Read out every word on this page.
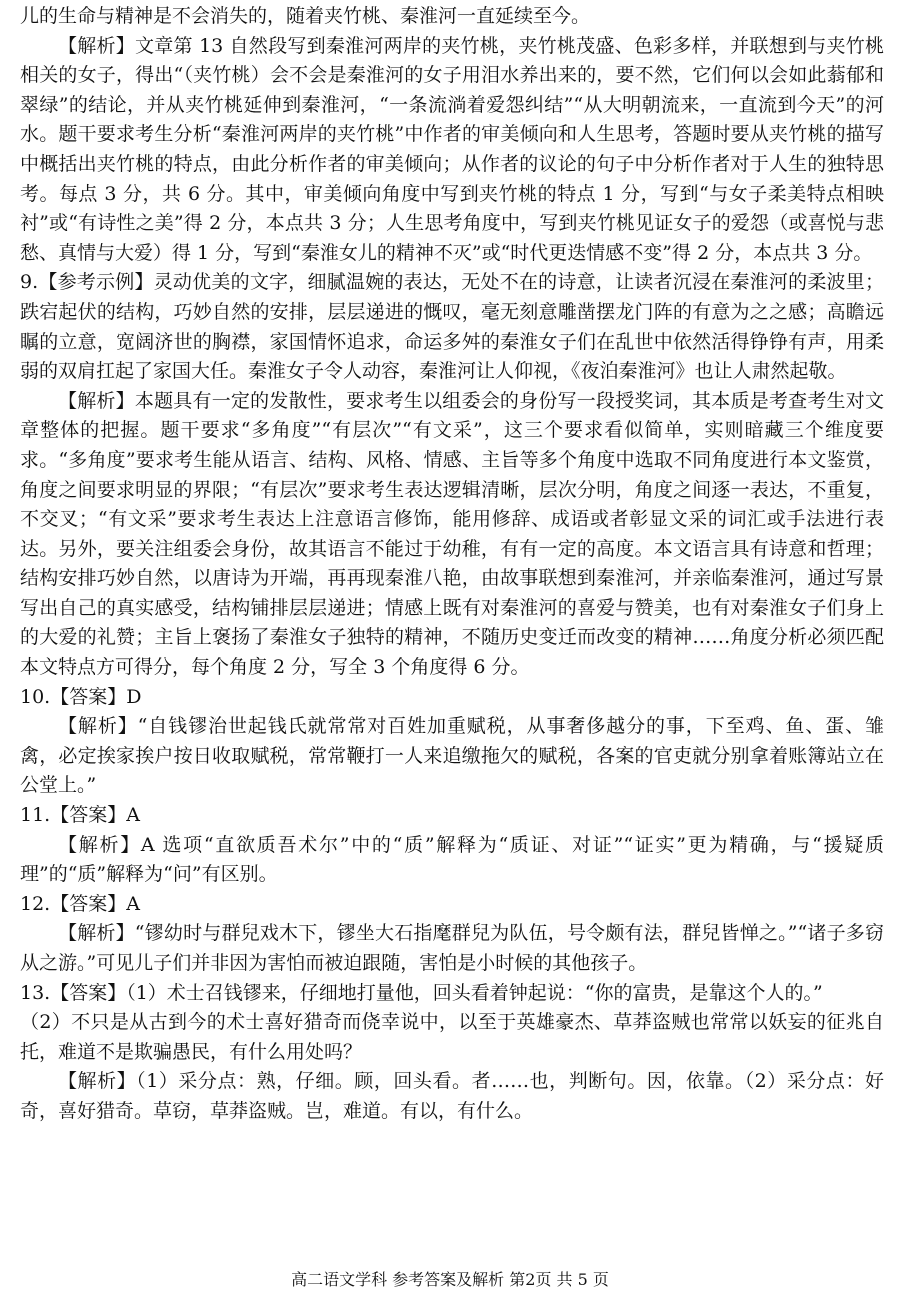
儿的生命与精神是不会消失的，随着夹竹桃、秦淮河一直延续至今。

【解析】文章第 13 自然段写到秦淮河两岸的夹竹桃，夹竹桃茂盛、色彩多样，并联想到与夹竹桃相关的女子，得出“（夹竹桃）会不会是秦淮河的女子用泪水养出来的，要不然，它们何以会如此蓊郁和翠绿”的结论，并从夹竹桃延伸到秦淮河，“一条流淌着爱怨纠结”“从大明朝流来，一直流到今天”的河水。题干要求考生分析“秦淮河两岸的夹竹桃”中作者的审美倾向和人生思考，答题时要从夹竹桃的描写中概括出夹竹桃的特点，由此分析作者的审美倾向；从作者的议论的句子中分析作者对于人生的独特思考。每点 3 分，共 6 分。其中，审美倾向角度中写到夹竹桃的特点 1 分，写到“与女子柔美特点相映衬”或“有诗性之美”得 2 分，本点共 3 分；人生思考角度中，写到夹竹桃见证女子的爱怨（或喜悦与悲愁、真情与大爱）得 1 分，写到“秦淮女儿的精神不灭”或“时代更迭情感不变”得 2 分，本点共 3 分。

9.【参考示例】灵动优美的文字，细腻温婉的表达，无处不在的诗意，让读者沉浸在秦淮河的柔波里；跌宕起伏的结构，巧妙自然的安排，层层递进的慨叹，毫无刻意雕凿摆龙门阵的有意为之之感；高瞻远瞩的立意，宽阔济世的胸襟，家国情怀追求，命运多舛的秦淮女子们在乱世中依然活得铮铮有声，用柔弱的双肩扛起了家国大任。秦淮女子令人动容，秦淮河让人仰视，《夜泊秦淮河》也让人肃然起敬。

【解析】本题具有一定的发散性，要求考生以组委会的身份写一段授奖词，其本质是考查考生对文章整体的把握。题干要求“多角度”“有层次”“有文采”，这三个要求看似简单，实则暗藏三个维度要求。“多角度”要求考生能从语言、结构、风格、情感、主旨等多个角度中选取不同角度进行本文鉴赏，角度之间要求明显的界限；“有层次”要求考生表达逻辑清晰，层次分明，角度之间逐一表达，不重复，不交叉；“有文采”要求考生表达上注意语言修饰，能用修辞、成语或者彰显文采的词汇或手法进行表达。另外，要关注组委会身份，故其语言不能过于幼稚，有有一定的高度。本文语言具有诗意和哲理；结构安排巧妙自然，以唐诗为开端，再再现秦淮八艳，由故事联想到秦淮河，并亲临秦淮河，通过写景写出自己的真实感受，结构铺排层层递进；情感上既有对秦淮河的喜爱与赞美，也有对秦淮女子们身上的大爱的礼赞；主旨上褒扬了秦淮女子独特的精神，不随历史变迁而改变的精神……角度分析必须匹配本文特点方可得分，每个角度 2 分，写全 3 个角度得 6 分。

10.【答案】D

【解析】“自钱镠治世起钱氏就常常对百姓加重赋税，从事奢侈越分的事，下至鸡、鱼、蛋、雏禽，必定挨家挨户按日收取赋税，常常鞭打一人来追缴拖欠的赋税，各案的官吏就分别拿着账簿站立在公堂上。”

11.【答案】A

【解析】A 选项“直欲质吾术尔”中的“质”解释为“质证、对证”“证实”更为精确，与“援疑质理”的“质”解释为“问”有区别。

12.【答案】A

【解析】“镠幼时与群兒戏木下，镠坐大石指麾群兒为队伍，号令颇有法，群兒皆惮之。”“诸子多窃从之游。”可见儿子们并非因为害怕而被迫跟随，害怕是小时候的其他孩子。

13.【答案】（1）术士召钱镠来，仔细地打量他，回头看着钟起说：“你的富贵，是靠这个人的。”

（2）不只是从古到今的术士喜好猎奇而侥幸说中，以至于英雄豪杰、草莽盗贼也常常以妖妄的征兆自托，难道不是欺骗愚民，有什么用处吗？

【解析】（1）采分点：熟，仔细。顾，回头看。者……也，判断句。因，依靠。（2）采分点：好奇，喜好猎奇。草窃，草莽盗贼。岂，难道。有以，有什么。

高二语文学科 参考答案及解析 第2页 共 5 页
